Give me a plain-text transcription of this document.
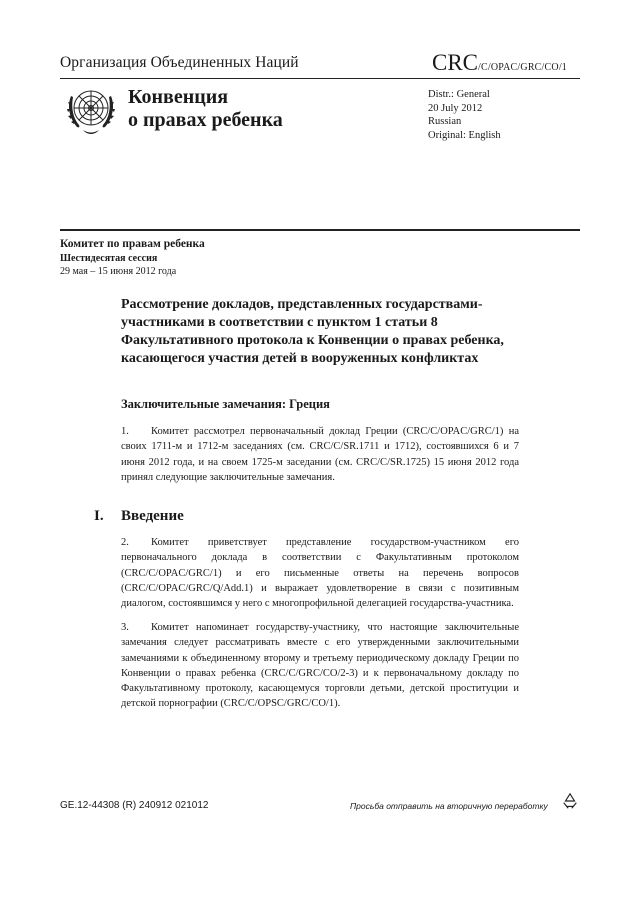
Организация Объединенных Наций	CRC/C/OPAC/GRC/CO/1
Конвенция
о правах ребенка
Distr.: General
20 July 2012
Russian
Original: English
Комитет по правам ребенка
Шестидесятая сессия
29 мая – 15 июня 2012 года
Рассмотрение докладов, представленных государствами-участниками в соответствии с пунктом 1 статьи 8 Факультативного протокола к Конвенции о правах ребенка, касающегося участия детей в вооруженных конфликтах
Заключительные замечания: Греция
1. Комитет рассмотрел первоначальный доклад Греции (CRC/C/OPAC/GRC/1) на своих 1711-м и 1712-м заседаниях (см. CRC/C/SR.1711 и 1712), состоявшихся 6 и 7 июня 2012 года, и на своем 1725-м заседании (см. CRC/C/SR.1725) 15 июня 2012 года принял следующие заключительные замечания.
I. Введение
2. Комитет приветствует представление государством-участником его первоначального доклада в соответствии с Факультативным протоколом (CRC/C/OPAC/GRC/1) и его письменные ответы на перечень вопросов (CRC/C/OPAC/GRC/Q/Add.1) и выражает удовлетворение в связи с позитивным диалогом, состоявшимся у него с многопрофильной делегацией государства-участника.
3. Комитет напоминает государству-участнику, что настоящие заключительные замечания следует рассматривать вместе с его утвержденными заключительными замечаниями к объединенному второму и третьему периодическому докладу Греции по Конвенции о правах ребенка (CRC/C/GRC/CO/2-3) и к первоначальному докладу по Факультативному протоколу, касающемуся торговли детьми, детской проституции и детской порнографии (CRC/C/OPSC/GRC/CO/1).
GE.12-44308 (R) 240912 021012	Просьба отправить на вторичную переработку
